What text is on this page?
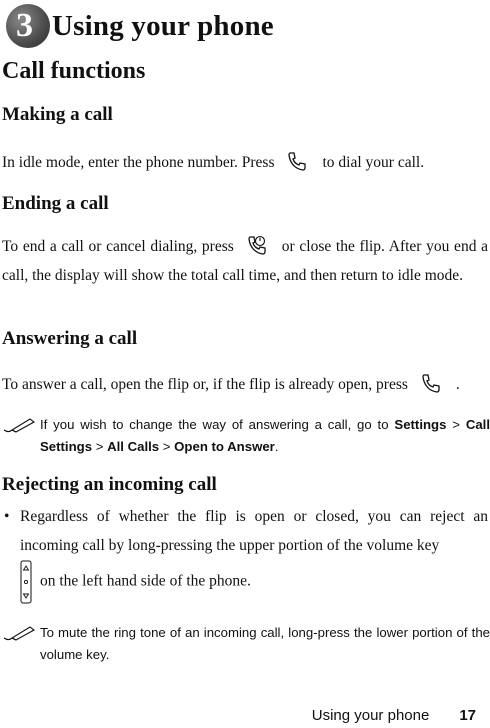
3 Using your phone
Call functions
Making a call
In idle mode, enter the phone number. Press	to dial your call.
Ending a call
To end a call or cancel dialing, press	or close the flip. After you end a call, the display will show the total call time, and then return to idle mode.
Answering a call
To answer a call, open the flip or, if the flip is already open, press	.
If you wish to change the way of answering a call, go to Settings > Call Settings > All Calls > Open to Answer.
Rejecting an incoming call
• Regardless of whether the flip is open or closed, you can reject an incoming call by long-pressing the upper portion of the volume key
on the left hand side of the phone.
To mute the ring tone of an incoming call, long-press the lower portion of the volume key.
Using your phone 17
